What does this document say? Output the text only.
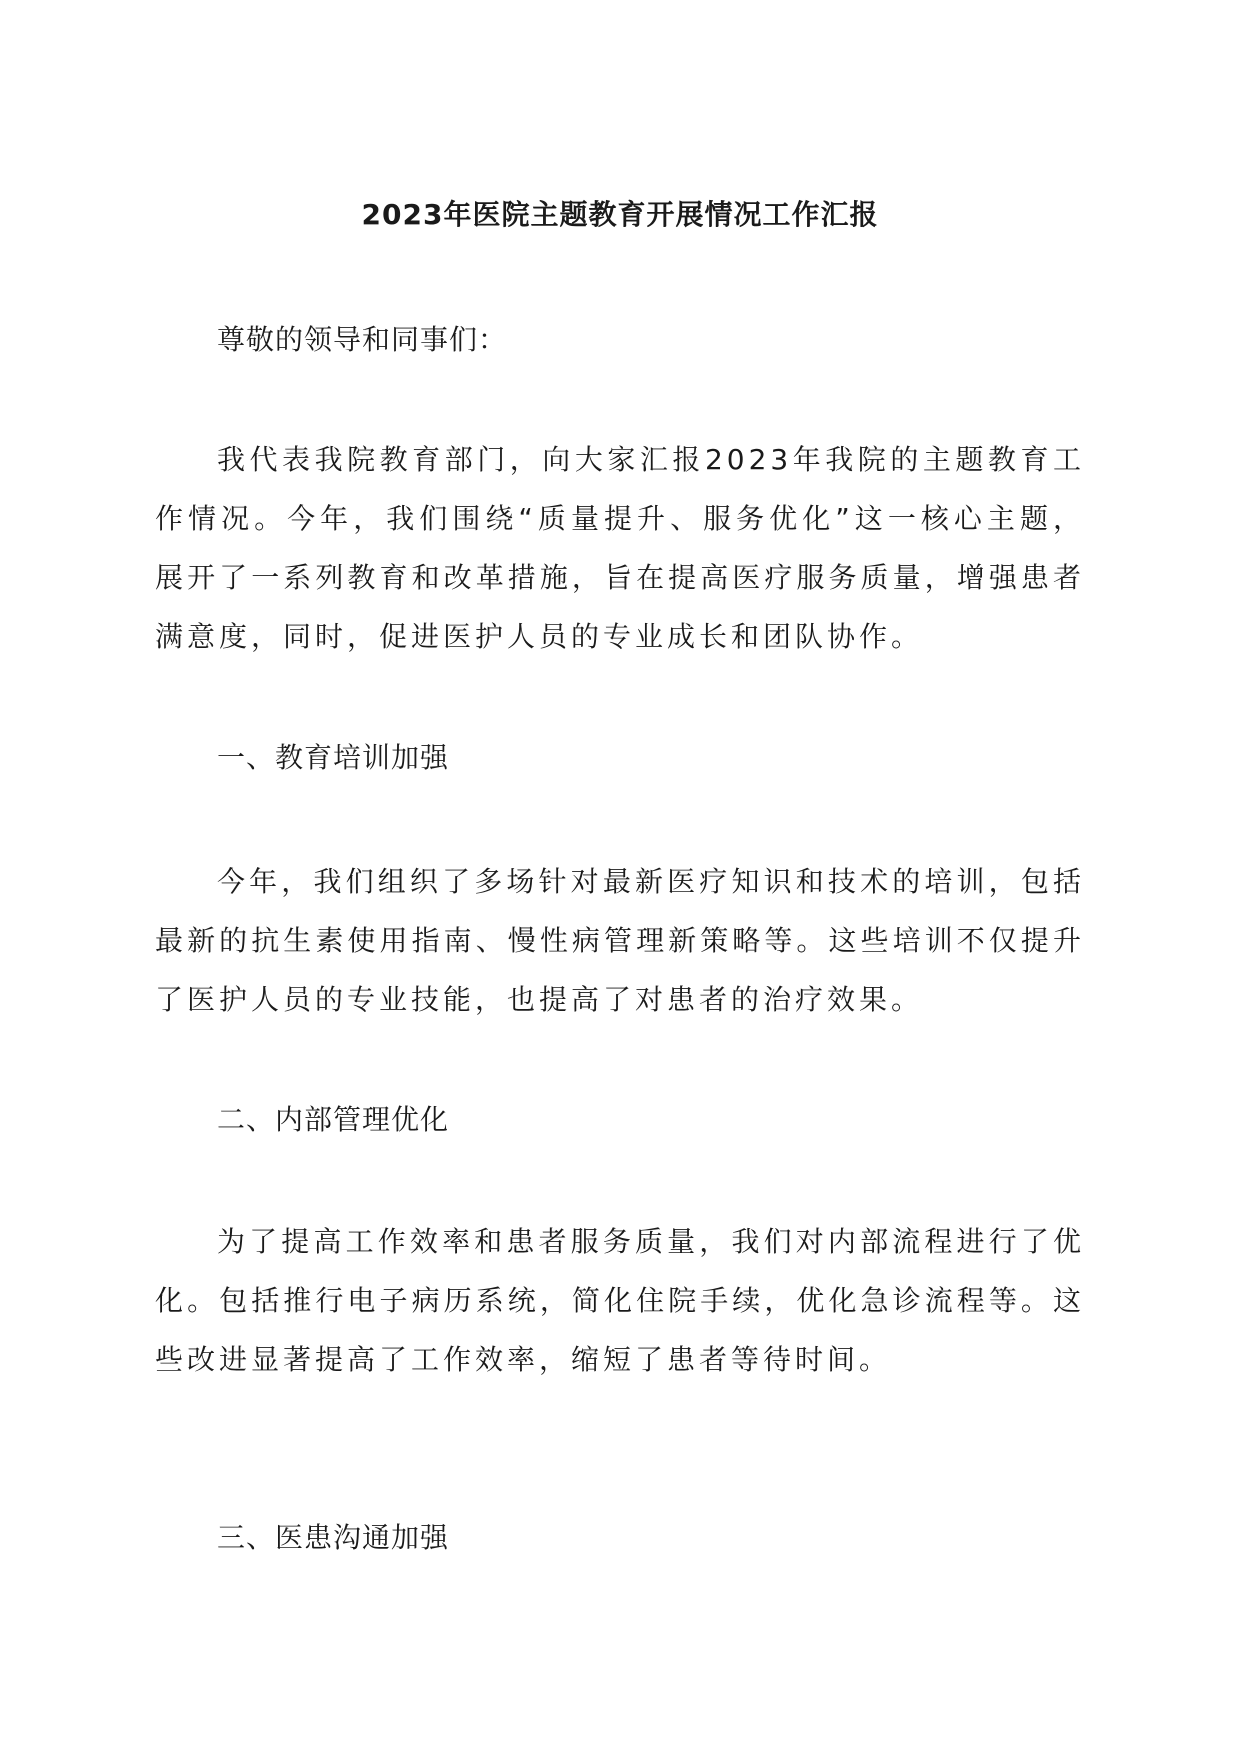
2023年医院主题教育开展情况工作汇报
尊敬的领导和同事们：
我代表我院教育部门，向大家汇报2023年我院的主题教育工作情况。今年，我们围绕“质量提升、服务优化”这一核心主题，展开了一系列教育和改革措施，旨在提高医疗服务质量，增强患者满意度，同时，促进医护人员的专业成长和团队协作。
一、教育培训加强
今年，我们组织了多场针对最新医疗知识和技术的培训，包括最新的抗生素使用指南、慢性病管理新策略等。这些培训不仅提升了医护人员的专业技能，也提高了对患者的治疗效果。
二、内部管理优化
为了提高工作效率和患者服务质量，我们对内部流程进行了优化。包括推行电子病历系统，简化住院手续，优化急诊流程等。这些改进显著提高了工作效率，缩短了患者等待时间。
三、医患沟通加强
